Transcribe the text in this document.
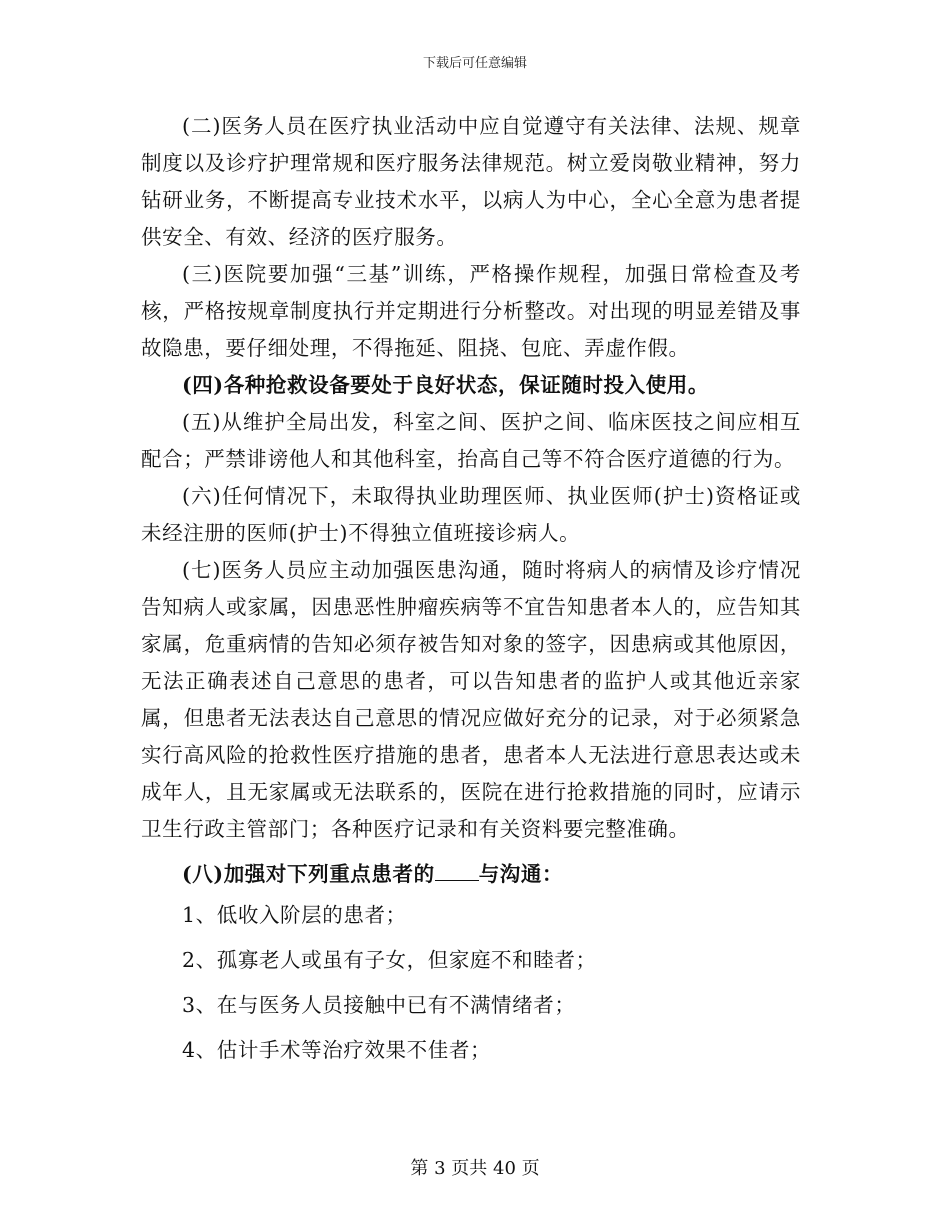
下载后可任意编辑

(二)医务人员在医疗执业活动中应自觉遵守有关法律、法规、规章制度以及诊疗护理常规和医疗服务法律规范。树立爱岗敬业精神，努力钻研业务，不断提高专业技术水平，以病人为中心，全心全意为患者提供安全、有效、经济的医疗服务。

(三)医院要加强“三基”训练，严格操作规程，加强日常检查及考核，严格按规章制度执行并定期进行分析整改。对出现的明显差错及事故隐患，要仔细处理，不得拖延、阻挠、包庇、弄虚作假。

(四)各种抢救设备要处于良好状态，保证随时投入使用。

(五)从维护全局出发，科室之间、医护之间、临床医技之间应相互配合；严禁诽谤他人和其他科室，抬高自己等不符合医疗道德的行为。

(六)任何情况下，未取得执业助理医师、执业医师(护士)资格证或未经注册的医师(护士)不得独立值班接诊病人。

(七)医务人员应主动加强医患沟通，随时将病人的病情及诊疗情况告知病人或家属，因患恶性肿瘤疾病等不宜告知患者本人的，应告知其家属，危重病情的告知必须存被告知对象的签字，因患病或其他原因，无法正确表述自己意思的患者，可以告知患者的监护人或其他近亲家属，但患者无法表达自己意思的情况应做好充分的记录，对于必须紧急实行高风险的抢救性医疗措施的患者，患者本人无法进行意思表达或未成年人，且无家属或无法联系的，医院在进行抢救措施的同时，应请示卫生行政主管部门；各种医疗记录和有关资料要完整准确。

(八)加强对下列重点患者的 与沟通：

1、低收入阶层的患者；

2、孤寡老人或虽有子女，但家庭不和睦者；

3、在与医务人员接触中已有不满情绪者；

4、估计手术等治疗效果不佳者；

第 3 页共 40 页
